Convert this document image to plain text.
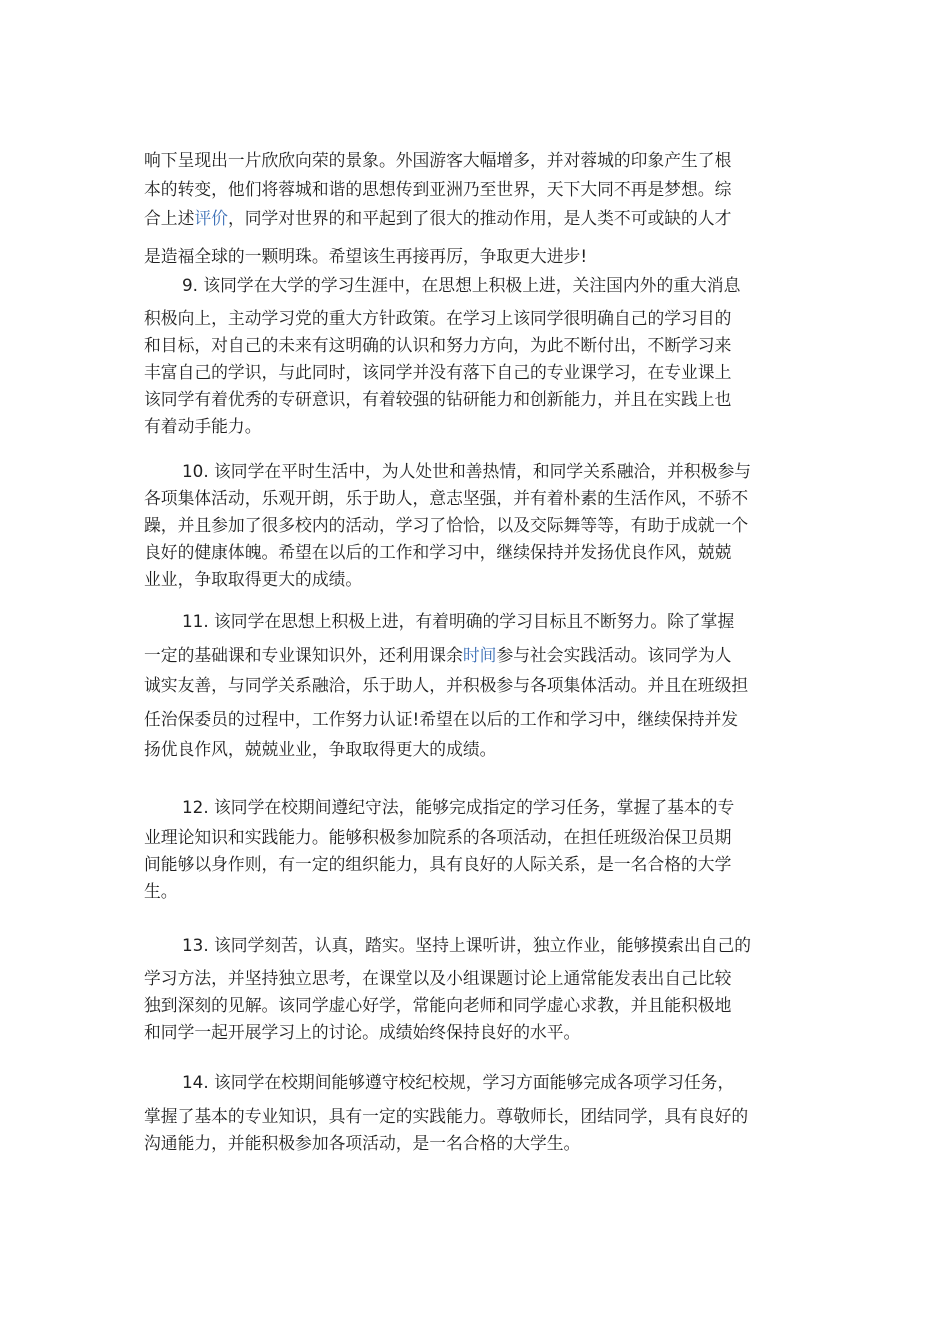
响下呈现出一片欣欣向荣的景象。外国游客大幅增多，并对蓉城的印象产生了根
本的转变，他们将蓉城和谐的思想传到亚洲乃至世界，天下大同不再是梦想。综
合上述评价，同学对世界的和平起到了很大的推动作用，是人类不可或缺的人才
是造福全球的一颗明珠。希望该生再接再厉，争取更大进步!
9. 该同学在大学的学习生涯中，在思想上积极上进，关注国内外的重大消息
积极向上，主动学习党的重大方针政策。在学习上该同学很明确自己的学习目的
和目标，对自己的未来有这明确的认识和努力方向，为此不断付出，不断学习来
丰富自己的学识，与此同时，该同学并没有落下自己的专业课学习，在专业课上
该同学有着优秀的专研意识，有着较强的钻研能力和创新能力，并且在实践上也
有着动手能力。
10. 该同学在平时生活中，为人处世和善热情，和同学关系融洽，并积极参与
各项集体活动，乐观开朗，乐于助人，意志坚强，并有着朴素的生活作风，不骄不
躁，并且参加了很多校内的活动，学习了恰恰，以及交际舞等等，有助于成就一个
良好的健康体魄。希望在以后的工作和学习中，继续保持并发扬优良作风，兢兢
业业，争取取得更大的成绩。
11. 该同学在思想上积极上进，有着明确的学习目标且不断努力。除了掌握
一定的基础课和专业课知识外，还利用课余时间参与社会实践活动。该同学为人
诚实友善，与同学关系融洽，乐于助人，并积极参与各项集体活动。并且在班级担
任治保委员的过程中，工作努力认证!希望在以后的工作和学习中，继续保持并发
扬优良作风，兢兢业业，争取取得更大的成绩。
12. 该同学在校期间遵纪守法，能够完成指定的学习任务，掌握了基本的专
业理论知识和实践能力。能够积极参加院系的各项活动，在担任班级治保卫员期
间能够以身作则，有一定的组织能力，具有良好的人际关系，是一名合格的大学
生。
13. 该同学刻苦，认真，踏实。坚持上课听讲，独立作业，能够摸索出自己的
学习方法，并坚持独立思考，在课堂以及小组课题讨论上通常能发表出自己比较
独到深刻的见解。该同学虚心好学，常能向老师和同学虚心求教，并且能积极地
和同学一起开展学习上的讨论。成绩始终保持良好的水平。
14. 该同学在校期间能够遵守校纪校规，学习方面能够完成各项学习任务，
掌握了基本的专业知识，具有一定的实践能力。尊敬师长，团结同学，具有良好的
沟通能力，并能积极参加各项活动，是一名合格的大学生。
